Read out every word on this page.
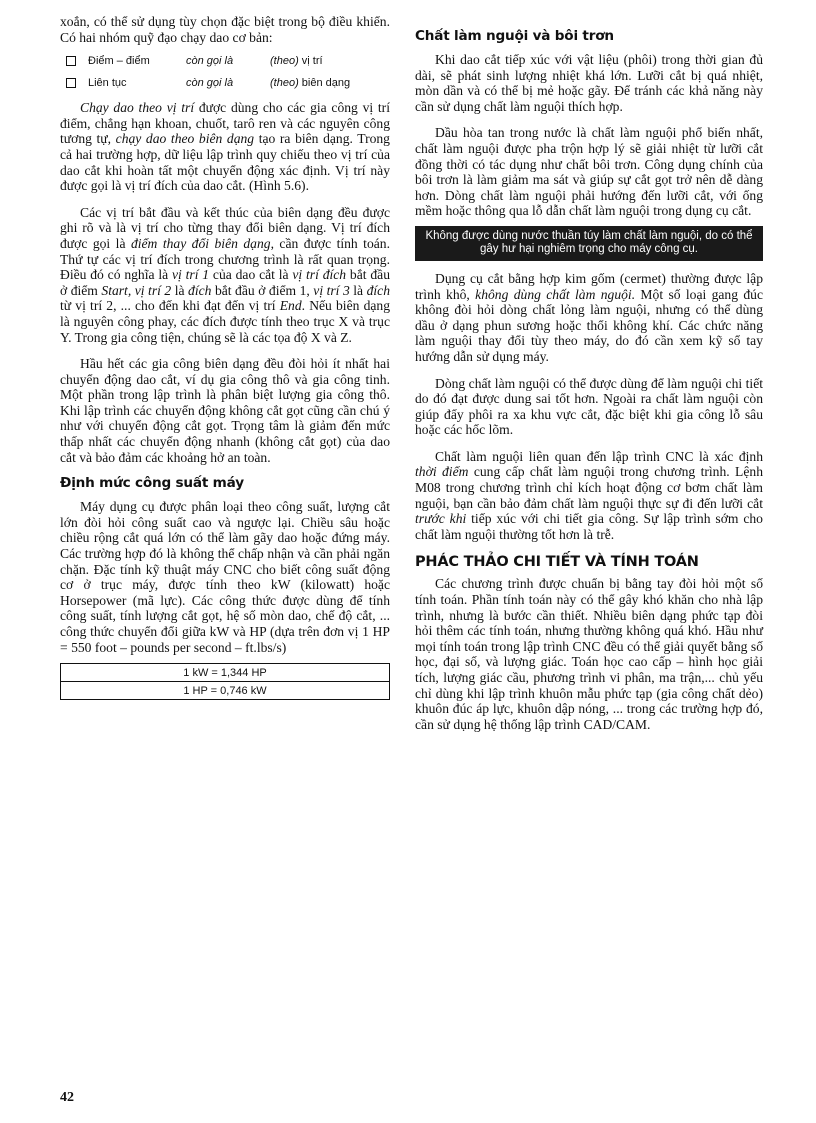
xoắn, có thể sử dụng tùy chọn đặc biệt trong bộ điều khiển. Có hai nhóm quỹ đạo chạy dao cơ bản:

Điểm – điểm	còn gọi là	(theo) vị trí
Liên tục	còn gọi là	(theo) biên dạng

Chạy dao theo vị trí được dùng cho các gia công vị trí điểm, chẳng hạn khoan, chuốt, tarô ren và các nguyên công tương tự, chạy dao theo biên dạng tạo ra biên dạng. Trong cả hai trường hợp, dữ liệu lập trình quy chiếu theo vị trí của dao cắt khi hoàn tất một chuyển động xác định. Vị trí này được gọi là vị trí đích của dao cắt. (Hình 5.6).

Các vị trí bắt đầu và kết thúc của biên dạng đều được ghi rõ và là vị trí cho từng thay đổi biên dạng. Vị trí đích được gọi là điểm thay đổi biên dạng, cần được tính toán. Thứ tự các vị trí đích trong chương trình là rất quan trọng. Điều đó có nghĩa là vị trí 1 của dao cắt là vị trí đích bắt đầu ở điểm Start, vị trí 2 là đích bắt đầu ở điểm 1, vị trí 3 là đích từ vị trí 2, ... cho đến khi đạt đến vị trí End. Nếu biên dạng là nguyên công phay, các đích được tính theo trục X và trục Y. Trong gia công tiện, chúng sẽ là các tọa độ X và Z.

Hầu hết các gia công biên dạng đều đòi hỏi ít nhất hai chuyển động dao cắt, ví dụ gia công thô và gia công tinh. Một phần trong lập trình là phân biệt lượng gia công thô. Khi lập trình các chuyển động không cắt gọt cũng cần chú ý như với chuyển động cắt gọt. Trọng tâm là giảm đến mức thấp nhất các chuyển động nhanh (không cắt gọt) của dao cắt và bảo đảm các khoảng hở an toàn.

Định mức công suất máy

Máy dụng cụ được phân loại theo công suất, lượng cắt lớn đòi hỏi công suất cao và ngược lại. Chiều sâu hoặc chiều rộng cắt quá lớn có thể làm gãy dao hoặc đứng máy. Các trường hợp đó là không thể chấp nhận và cần phải ngăn chặn. Đặc tính kỹ thuật máy CNC cho biết công suất động cơ ở trục máy, được tính theo kW (kilowatt) hoặc Horsepower (mã lực). Các công thức được dùng để tính công suất, tính lượng cắt gọt, hệ số mòn dao, chế độ cắt, ... công thức chuyển đổi giữa kW và HP (dựa trên đơn vị 1 HP = 550 foot – pounds per second – ft.lbs/s)

1 kW = 1,344 HP
1 HP = 0,746 kW
Chất làm nguội và bôi trơn

Khi dao cắt tiếp xúc với vật liệu (phôi) trong thời gian đủ dài, sẽ phát sinh lượng nhiệt khá lớn. Lưỡi cắt bị quá nhiệt, mòn dần và có thể bị mẻ hoặc gãy. Để tránh các khả năng này cần sử dụng chất làm nguội thích hợp.

Dầu hòa tan trong nước là chất làm nguội phổ biến nhất, chất làm nguội được pha trộn hợp lý sẽ giải nhiệt từ lưỡi cắt đồng thời có tác dụng như chất bôi trơn. Công dụng chính của bôi trơn là làm giảm ma sát và giúp sự cắt gọt trở nên dễ dàng hơn. Dòng chất làm nguội phải hướng đến lưỡi cắt, với ống mềm hoặc thông qua lỗ dẫn chất làm nguội trong dụng cụ cắt.

Không được dùng nước thuần túy làm chất làm nguội, do có thể gây hư hại nghiêm trọng cho máy công cụ.

Dụng cụ cắt bằng hợp kim gốm (cermet) thường được lập trình khô, không dùng chất làm nguội. Một số loại gang đúc không đòi hỏi dòng chất lỏng làm nguội, nhưng có thể dùng dầu ở dạng phun sương hoặc thổi không khí. Các chức năng làm nguội thay đổi tùy theo máy, do đó cần xem kỹ sổ tay hướng dẫn sử dụng máy.

Dòng chất làm nguội có thể được dùng để làm nguội chi tiết do đó đạt được dung sai tốt hơn. Ngoài ra chất làm nguội còn giúp đẩy phôi ra xa khu vực cắt, đặc biệt khi gia công lỗ sâu hoặc các hốc lõm.

Chất làm nguội liên quan đến lập trình CNC là xác định thời điểm cung cấp chất làm nguội trong chương trình. Lệnh M08 trong chương trình chỉ kích hoạt động cơ bơm chất làm nguội, bạn cần bảo đảm chất làm nguội thực sự đi đến lưỡi cắt trước khi tiếp xúc với chi tiết gia công. Sự lập trình sớm cho chất làm nguội thường tốt hơn là trễ.

PHÁC THẢO CHI TIẾT VÀ TÍNH TOÁN

Các chương trình được chuẩn bị bằng tay đòi hỏi một số tính toán. Phần tính toán này có thể gây khó khăn cho nhà lập trình, nhưng là bước cần thiết. Nhiều biên dạng phức tạp đòi hỏi thêm các tính toán, nhưng thường không quá khó. Hầu như mọi tính toán trong lập trình CNC đều có thể giải quyết bằng số học, đại số, và lượng giác. Toán học cao cấp – hình học giải tích, lượng giác cầu, phương trình vi phân, ma trận,... chủ yếu chỉ dùng khi lập trình khuôn mẫu phức tạp (gia công chất dẻo) khuôn đúc áp lực, khuôn dập nóng, ... trong các trường hợp đó, cần sử dụng hệ thống lập trình CAD/CAM.

42
